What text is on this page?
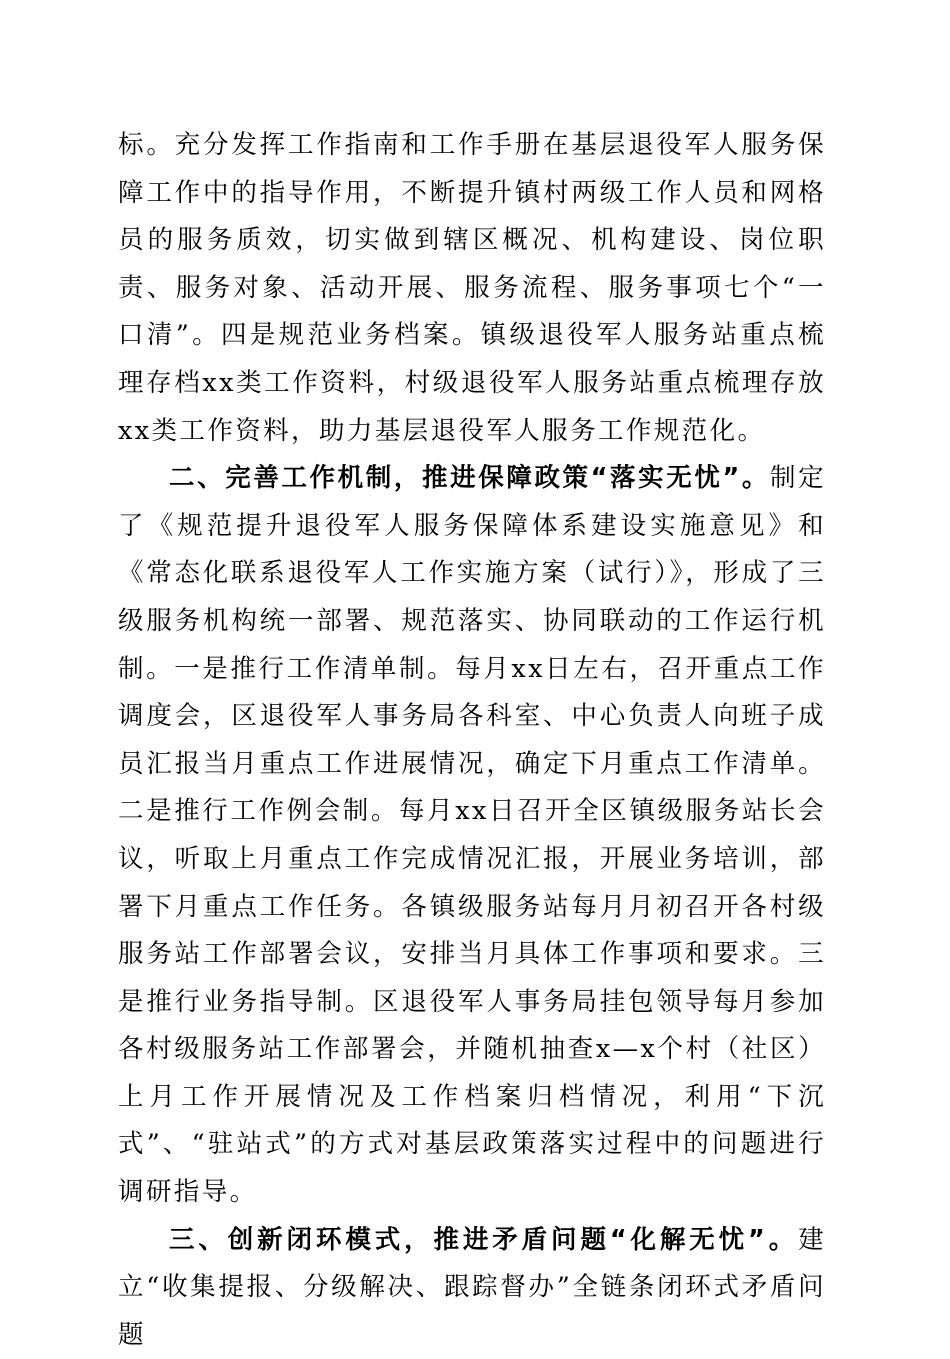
标。充分发挥工作指南和工作手册在基层退役军人服务保障工作中的指导作用，不断提升镇村两级工作人员和网格员的服务质效，切实做到辖区概况、机构建设、岗位职责、服务对象、活动开展、服务流程、服务事项七个“一口清”。四是规范业务档案。镇级退役军人服务站重点梳理存档xx类工作资料，村级退役军人服务站重点梳理存放xx类工作资料，助力基层退役军人服务工作规范化。

二、完善工作机制，推进保障政策“落实无忧”。制定了《规范提升退役军人服务保障体系建设实施意见》和《常态化联系退役军人工作实施方案（试行）》，形成了三级服务机构统一部署、规范落实、协同联动的工作运行机制。一是推行工作清单制。每月xx日左右，召开重点工作调度会，区退役军人事务局各科室、中心负责人向班子成员汇报当月重点工作进展情况，确定下月重点工作清单。二是推行工作例会制。每月xx日召开全区镇级服务站长会议，听取上月重点工作完成情况汇报，开展业务培训，部署下月重点工作任务。各镇级服务站每月月初召开各村级服务站工作部署会议，安排当月具体工作事项和要求。三是推行业务指导制。区退役军人事务局挂包领导每月参加各村级服务站工作部署会，并随机抽查x—x个村（社区）上月工作开展情况及工作档案归档情况，利用“下沉式”、“驻站式”的方式对基层政策落实过程中的问题进行调研指导。

三、创新闭环模式，推进矛盾问题“化解无忧”。建立“收集提报、分级解决、跟踪督办”全链条闭环式矛盾问题
